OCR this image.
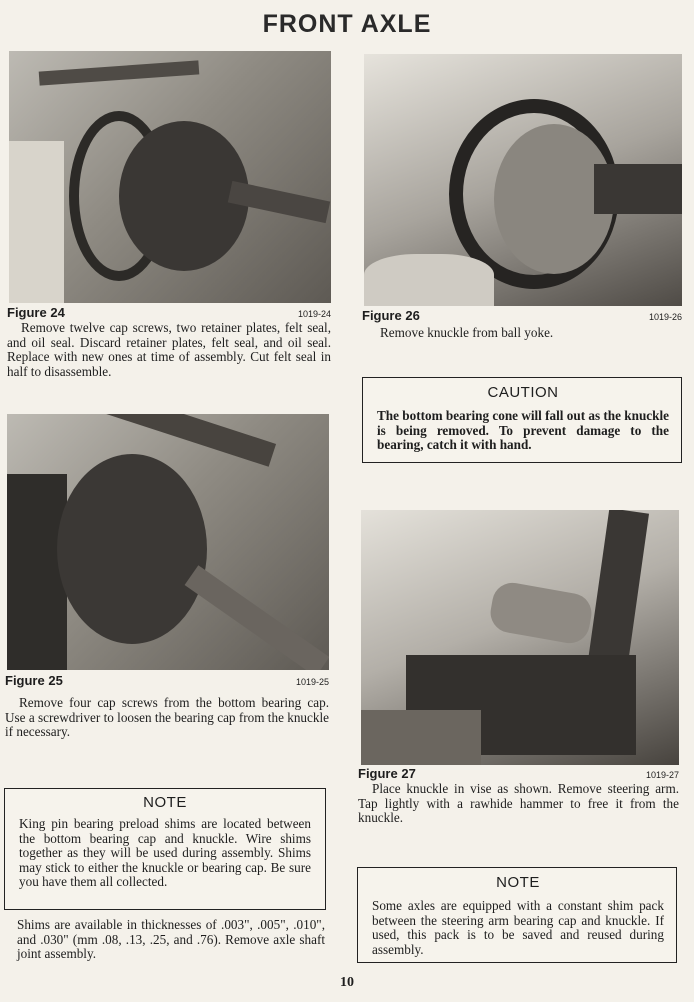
FRONT AXLE
Figure 24	1019-24
Remove twelve cap screws, two retainer plates, felt seal, and oil seal. Discard retainer plates, felt seal, and oil seal. Replace with new ones at time of assembly. Cut felt seal in half to disassemble.
Figure 25	1019-25
Remove four cap screws from the bottom bearing cap. Use a screwdriver to loosen the bearing cap from the knuckle if necessary.
NOTE
King pin bearing preload shims are located between the bottom bearing cap and knuckle. Wire shims together as they will be used during assembly. Shims may stick to either the knuckle or bearing cap. Be sure you have them all collected.
Shims are available in thicknesses of .003", .005", .010", and .030" (mm .08, .13, .25, and .76). Remove axle shaft joint assembly.
Figure 26	1019-26
Remove knuckle from ball yoke.
CAUTION
The bottom bearing cone will fall out as the knuckle is being removed. To prevent damage to the bearing, catch it with hand.
Figure 27	1019-27
Place knuckle in vise as shown. Remove steering arm. Tap lightly with a rawhide hammer to free it from the knuckle.
NOTE
Some axles are equipped with a constant shim pack between the steering arm bearing cap and knuckle. If used, this pack is to be saved and reused during assembly.
10
